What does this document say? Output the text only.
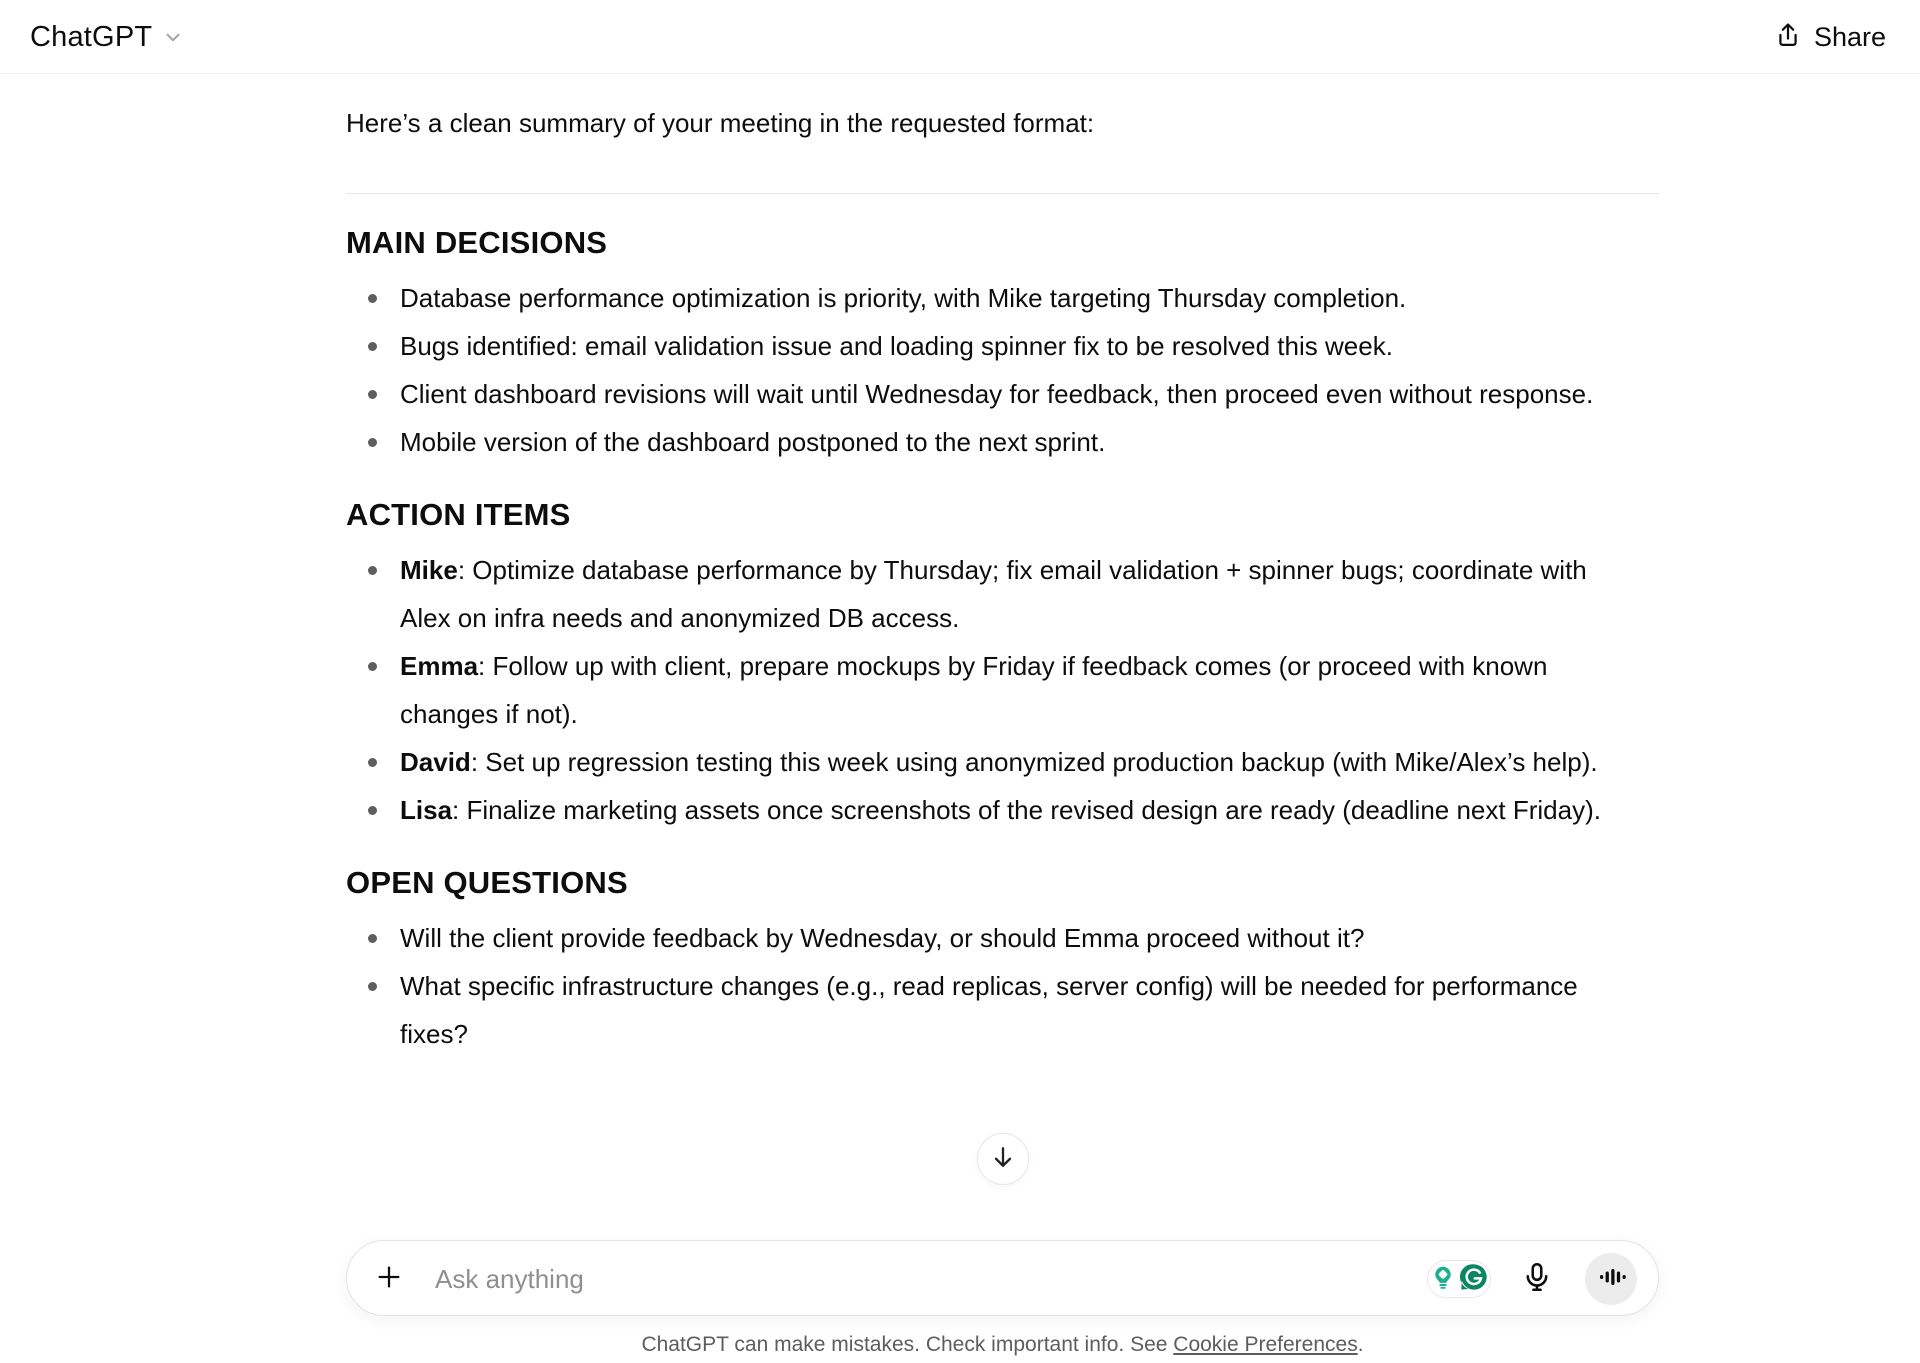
ChatGPT	Share

Here’s a clean summary of your meeting in the requested format:

MAIN DECISIONS
Database performance optimization is priority, with Mike targeting Thursday completion.
Bugs identified: email validation issue and loading spinner fix to be resolved this week.
Client dashboard revisions will wait until Wednesday for feedback, then proceed even without response.
Mobile version of the dashboard postponed to the next sprint.
ACTION ITEMS
Mike: Optimize database performance by Thursday; fix email validation + spinner bugs; coordinate with Alex on infra needs and anonymized DB access.
Emma: Follow up with client, prepare mockups by Friday if feedback comes (or proceed with known changes if not).
David: Set up regression testing this week using anonymized production backup (with Mike/Alex’s help).
Lisa: Finalize marketing assets once screenshots of the revised design are ready (deadline next Friday).
OPEN QUESTIONS
Will the client provide feedback by Wednesday, or should Emma proceed without it?
What specific infrastructure changes (e.g., read replicas, server config) will be needed for performance fixes?
Ask anything
ChatGPT can make mistakes. Check important info. See Cookie Preferences.
